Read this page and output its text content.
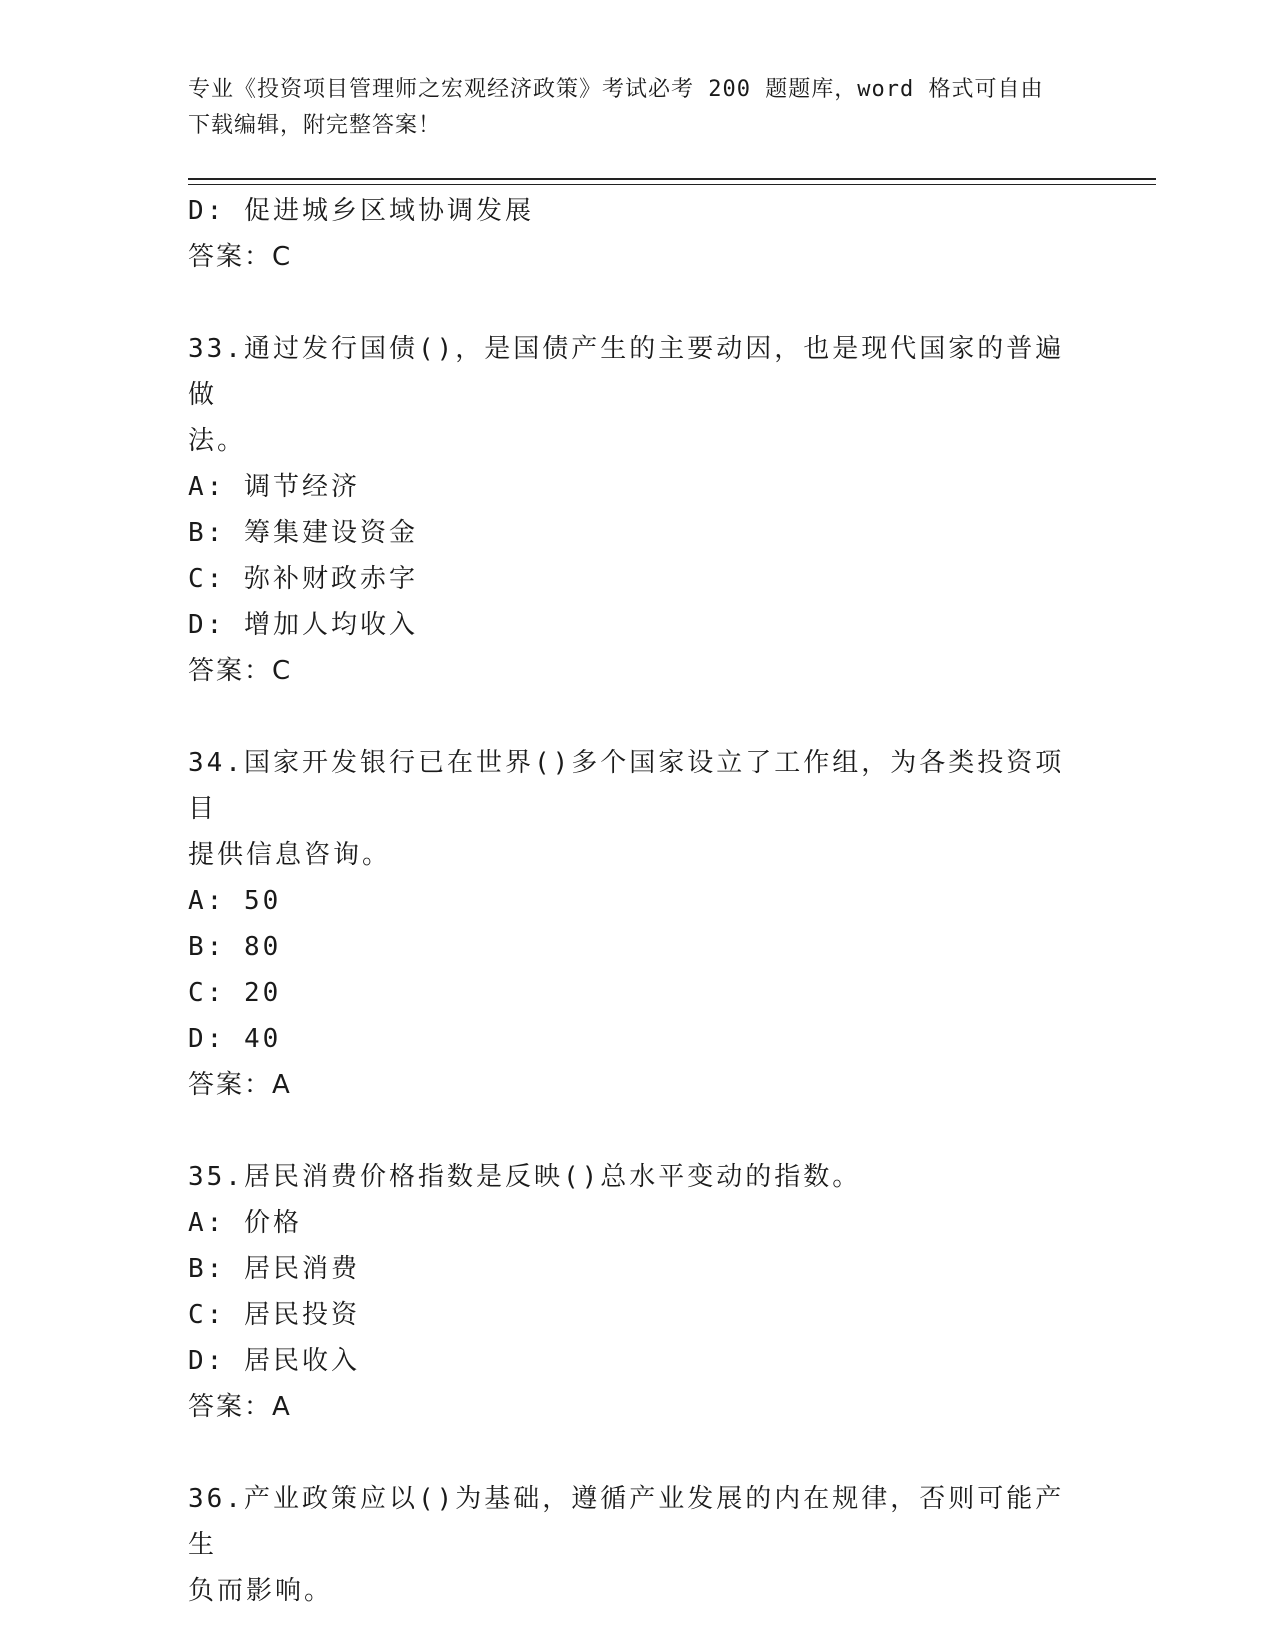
专业《投资项目管理师之宏观经济政策》考试必考 200 题题库，word 格式可自由
下载编辑，附完整答案！
D: 促进城乡区域协调发展
答案：C
33.通过发行国债()，是国债产生的主要动因，也是现代国家的普遍做
法。
A: 调节经济
B: 筹集建设资金
C: 弥补财政赤字
D: 增加人均收入
答案：C
34.国家开发银行已在世界()多个国家设立了工作组，为各类投资项目
提供信息咨询。
A: 50
B: 80
C: 20
D: 40
答案：A
35.居民消费价格指数是反映()总水平变动的指数。
A: 价格
B: 居民消费
C: 居民投资
D: 居民收入
答案：A
36.产业政策应以()为基础，遵循产业发展的内在规律，否则可能产生
负而影响。
